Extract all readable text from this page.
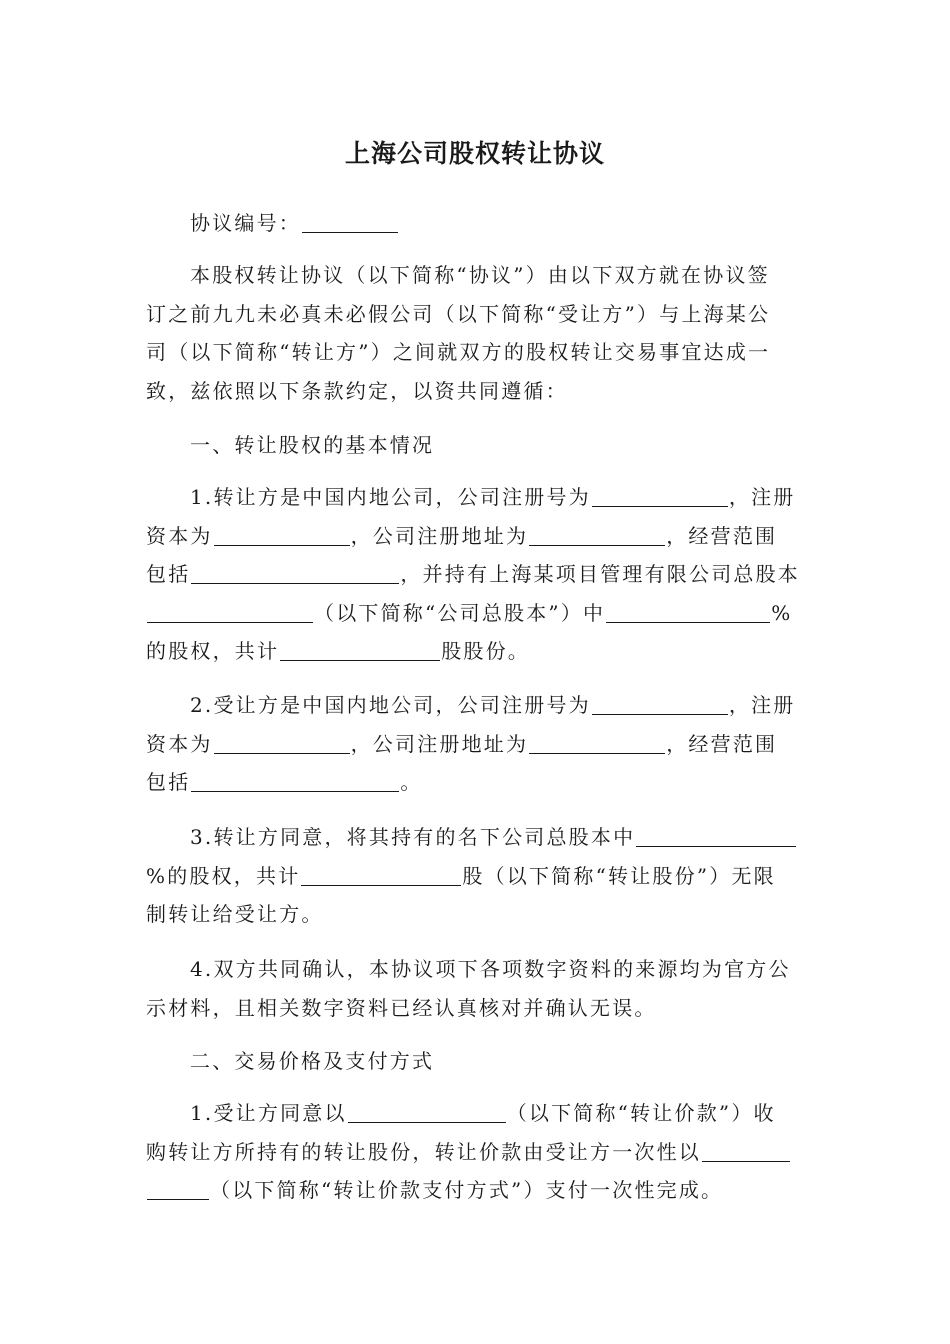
上海公司股权转让协议
协议编号：
本股权转让协议（以下简称“协议”）由以下双方就在协议签
订之前九九未必真未必假公司（以下简称“受让方”）与上海某公
司（以下简称“转让方”）之间就双方的股权转让交易事宜达成一
致，兹依照以下条款约定，以资共同遵循：
一、转让股权的基本情况
1.转让方是中国内地公司，公司注册号为	，注册
资本为	，公司注册地址为	，经营范围
包括	，并持有上海某项目管理有限公司总股本
（以下简称“公司总股本”）中	%
的股权，共计	股股份。
2.受让方是中国内地公司，公司注册号为	，注册
资本为	，公司注册地址为	，经营范围
包括	。
3.转让方同意，将其持有的名下公司总股本中
%的股权，共计	股（以下简称“转让股份”）无限
制转让给受让方。
4.双方共同确认，本协议项下各项数字资料的来源均为官方公
示材料，且相关数字资料已经认真核对并确认无误。
二、交易价格及支付方式
1.受让方同意以	（以下简称“转让价款”）收
购转让方所持有的转让股份，转让价款由受让方一次性以
（以下简称“转让价款支付方式”）支付一次性完成。
